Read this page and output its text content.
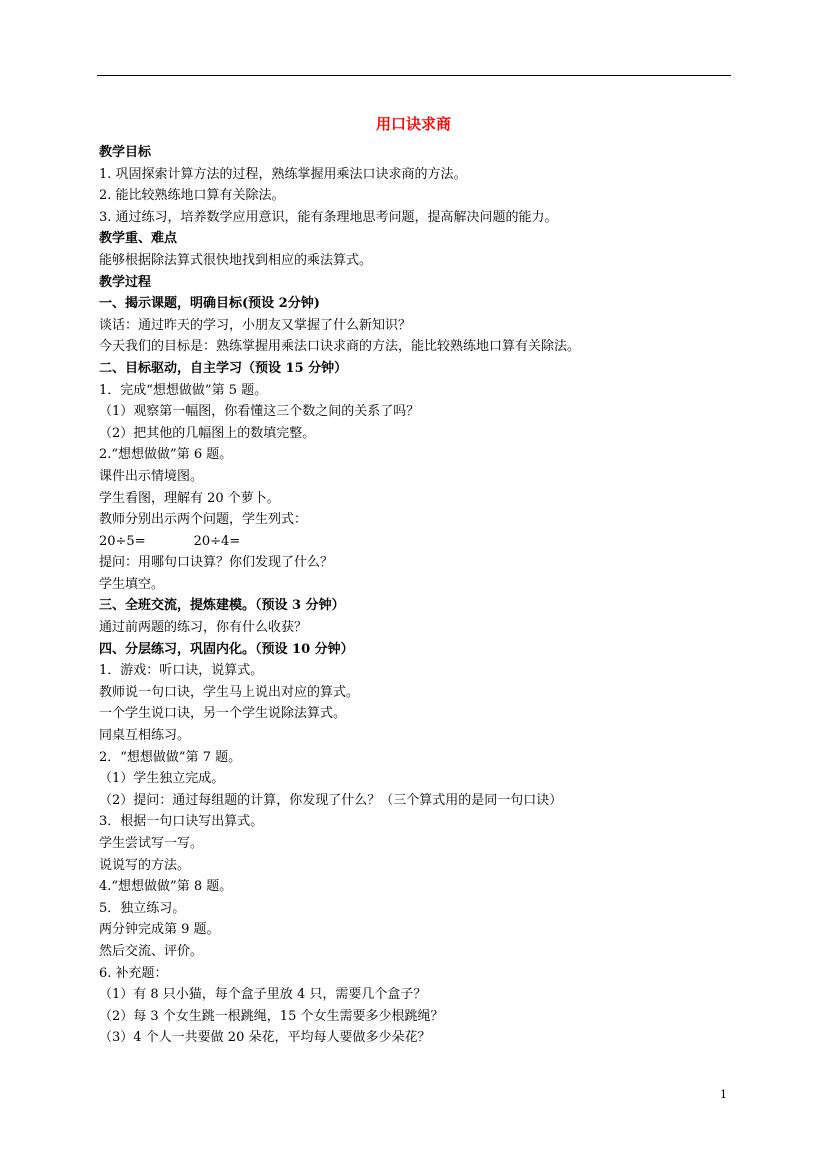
用口诀求商
教学目标
1. 巩固探索计算方法的过程，熟练掌握用乘法口诀求商的方法。
2. 能比较熟练地口算有关除法。
3. 通过练习，培养数学应用意识，能有条理地思考问题，提高解决问题的能力。
教学重、难点
能够根据除法算式很快地找到相应的乘法算式。
教学过程
一、揭示课题，明确目标(预设 2分钟)
谈话：通过昨天的学习，小朋友又掌握了什么新知识？
今天我们的目标是：熟练掌握用乘法口诀求商的方法，能比较熟练地口算有关除法。
二、目标驱动，自主学习（预设 15 分钟）
1．完成“想想做做”第 5 题。
（1）观察第一幅图，你看懂这三个数之间的关系了吗？
（2）把其他的几幅图上的数填完整。
2.“想想做做”第 6 题。
课件出示情境图。
学生看图，理解有 20 个萝卜。
教师分别出示两个问题，学生列式：
20÷5=	20÷4=
提问：用哪句口诀算？你们发现了什么？
学生填空。
三、全班交流，提炼建模。（预设 3 分钟）
通过前两题的练习，你有什么收获？
四、分层练习，巩固内化。（预设 10 分钟）
1．游戏：听口诀，说算式。
教师说一句口诀，学生马上说出对应的算式。
一个学生说口诀，另一个学生说除法算式。
同桌互相练习。
2．“想想做做”第 7 题。
（1）学生独立完成。
（2）提问：通过每组题的计算，你发现了什么？（三个算式用的是同一句口诀）
3．根据一句口诀写出算式。
学生尝试写一写。
说说写的方法。
4.“想想做做”第 8 题。
5．独立练习。
两分钟完成第 9 题。
然后交流、评价。
6. 补充题：
（1）有 8 只小猫，每个盒子里放 4 只，需要几个盒子？
（2）每 3 个女生跳一根跳绳，15 个女生需要多少根跳绳？
（3）4 个人一共要做 20 朵花，平均每人要做多少朵花？
1
